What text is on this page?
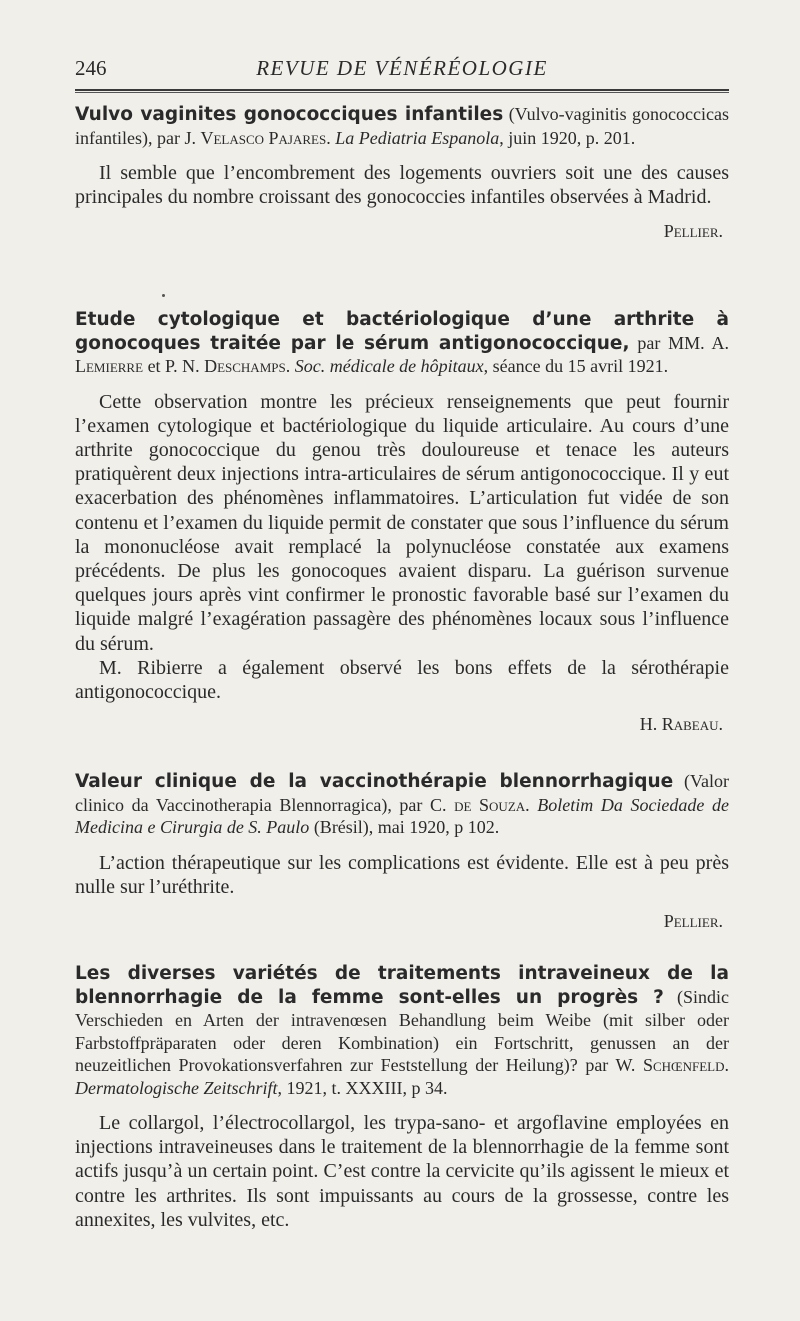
246	REVUE DE VÉNÉRÉOLOGIE

Vulvo vaginites gonococciques infantiles (Vulvo-vaginitis gonococcicas infantiles), par J. Velasco Pajares. La Pediatria Espanola, juin 1920, p. 201.

Il semble que l’encombrement des logements ouvriers soit une des causes principales du nombre croissant des gonococcies infantiles observées à Madrid.

Pellier.

Etude cytologique et bactériologique d’une arthrite à gonocoques traitée par le sérum antigonococcique, par MM. A. Lemierre et P. N. Deschamps. Soc. médicale de hôpitaux, séance du 15 avril 1921.

Cette observation montre les précieux renseignements que peut fournir l’examen cytologique et bactériologique du liquide articulaire. Au cours d’une arthrite gonococcique du genou très douloureuse et tenace les auteurs pratiquèrent deux injections intra-articulaires de sérum antigonococcique. Il y eut exacerbation des phénomènes inflammatoires. L’articulation fut vidée de son contenu et l’examen du liquide permit de constater que sous l’influence du sérum la mononucléose avait remplacé la polynucléose constatée aux examens précédents. De plus les gonocoques avaient disparu. La guérison survenue quelques jours après vint confirmer le pronostic favorable basé sur l’examen du liquide malgré l’exagération passagère des phénomènes locaux sous l’influence du sérum.

M. Ribierre a également observé les bons effets de la sérothérapie antigonococcique.

H. Rabeau.

Valeur clinique de la vaccinothérapie blennorrhagique (Valor clinico da Vaccinotherapia Blennorragica), par C. de Souza. Boletim Da Sociedade de Medicina e Cirurgia de S. Paulo (Brésil), mai 1920, p 102.

L’action thérapeutique sur les complications est évidente. Elle est à peu près nulle sur l’uréthrite.

Pellier.

Les diverses variétés de traitements intraveineux de la blennorrhagie de la femme sont-elles un progrès ? (Sindic Verschieden en Arten der intravenœsen Behandlung beim Weibe (mit silber oder Farbstoffpräparaten oder deren Kombination) ein Fortschritt, genussen an der neuzeitlichen Provokationsverfahren zur Feststellung der Heilung)? par W. Schœnfeld. Dermatologische Zeitschrift, 1921, t. XXXIII, p 34.

Le collargol, l’électrocollargol, les trypa-sano- et argoflavine employées en injections intraveineuses dans le traitement de la blennorrhagie de la femme sont actifs jusqu’à un certain point. C’est contre la cervicite qu’ils agissent le mieux et contre les arthrites. Ils sont impuissants au cours de la grossesse, contre les annexites, les vulvites, etc.
